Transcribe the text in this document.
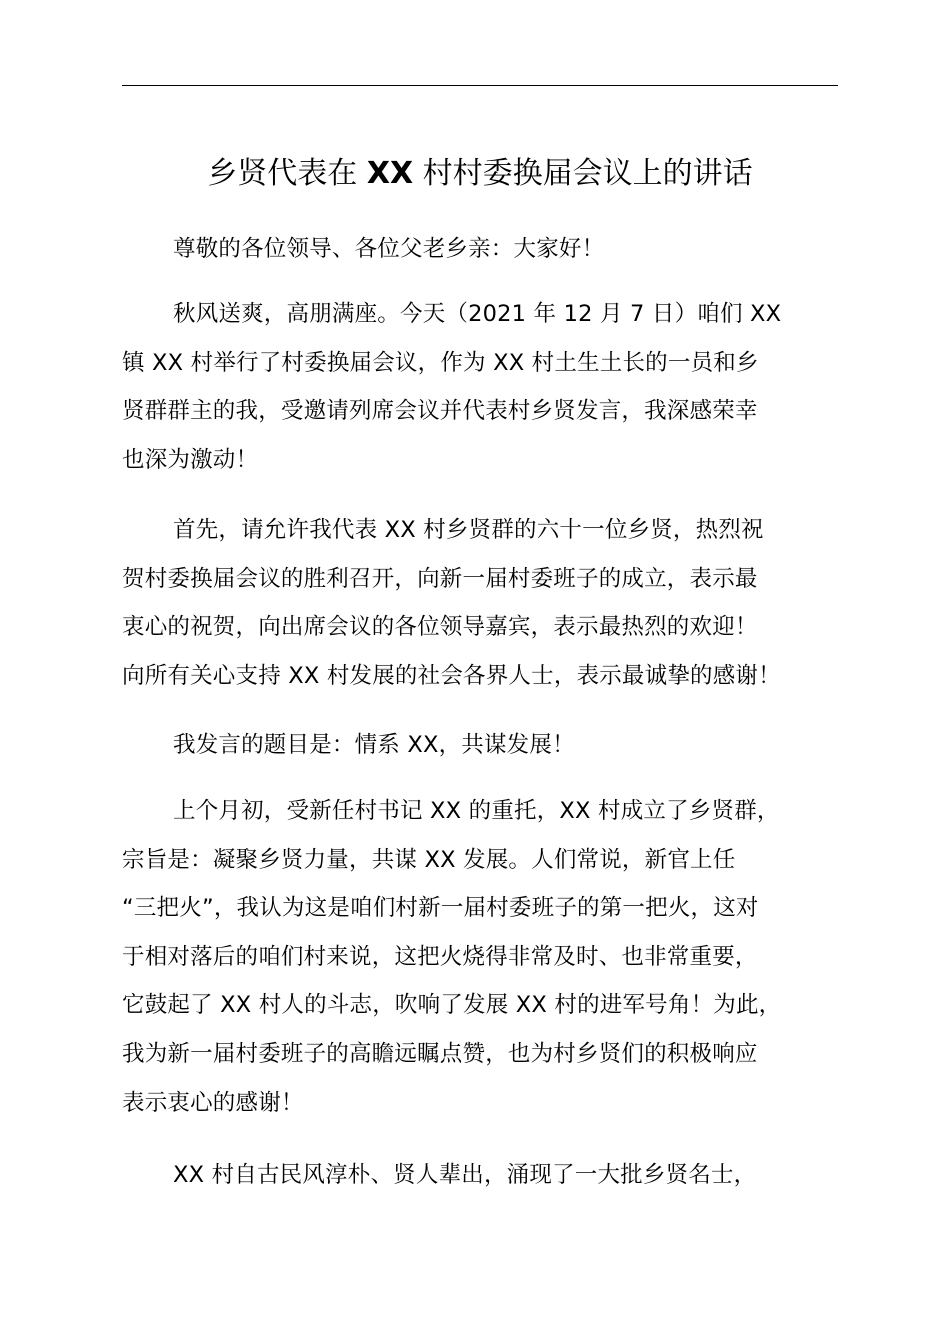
乡贤代表在 XX 村村委换届会议上的讲话

尊敬的各位领导、各位父老乡亲：大家好！

秋风送爽，高朋满座。今天（2021 年 12 月 7 日）咱们 XX
镇 XX 村举行了村委换届会议，作为 XX 村土生土长的一员和乡
贤群群主的我，受邀请列席会议并代表村乡贤发言，我深感荣幸
也深为激动！

首先，请允许我代表 XX 村乡贤群的六十一位乡贤，热烈祝
贺村委换届会议的胜利召开，向新一届村委班子的成立，表示最
衷心的祝贺，向出席会议的各位领导嘉宾，表示最热烈的欢迎！
向所有关心支持 XX 村发展的社会各界人士，表示最诚挚的感谢！

我发言的题目是：情系 XX，共谋发展！

上个月初，受新任村书记 XX 的重托，XX 村成立了乡贤群，
宗旨是：凝聚乡贤力量，共谋 XX 发展。人们常说，新官上任
“三把火”，我认为这是咱们村新一届村委班子的第一把火，这对
于相对落后的咱们村来说，这把火烧得非常及时、也非常重要，
它鼓起了 XX 村人的斗志，吹响了发展 XX 村的进军号角！为此，
我为新一届村委班子的高瞻远瞩点赞，也为村乡贤们的积极响应
表示衷心的感谢！

XX 村自古民风淳朴、贤人辈出，涌现了一大批乡贤名士，
